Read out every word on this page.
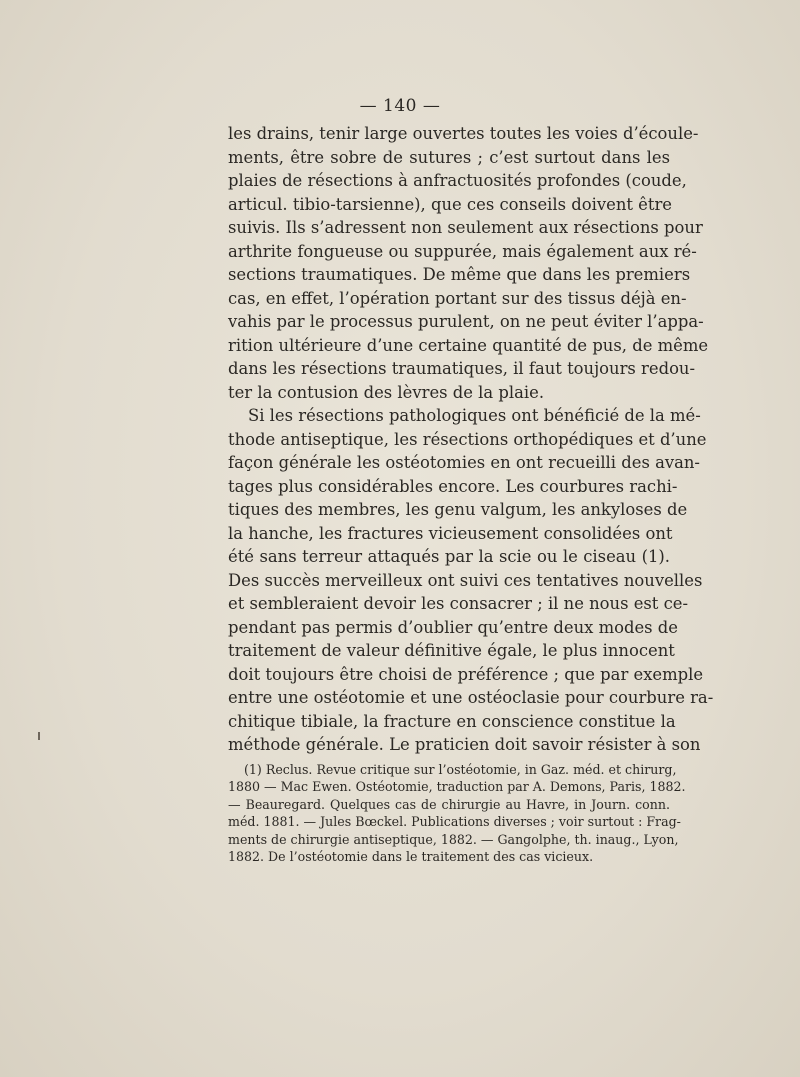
— 140 —
les drains, tenir large ouvertes toutes les voies d’écoule-
ments, être sobre de sutures ; c’est surtout dans les
plaies de résections à anfractuosités profondes (coude,
articul. tibio-tarsienne), que ces conseils doivent être
suivis. Ils s’adressent non seulement aux résections pour
arthrite fongueuse ou suppurée, mais également aux ré-
sections traumatiques. De même que dans les premiers
cas, en effet, l’opération portant sur des tissus déjà en-
vahis par le processus purulent, on ne peut éviter l’appa-
rition ultérieure d’une certaine quantité de pus, de même
dans les résections traumatiques, il faut toujours redou-
ter la contusion des lèvres de la plaie.
Si les résections pathologiques ont bénéficié de la mé-
thode antiseptique, les résections orthopédiques et d’une
façon générale les ostéotomies en ont recueilli des avan-
tages plus considérables encore. Les courbures rachi-
tiques des membres, les genu valgum, les ankyloses de
la hanche, les fractures vicieusement consolidées ont
été sans terreur attaqués par la scie ou le ciseau (1).
Des succès merveilleux ont suivi ces tentatives nouvelles
et sembleraient devoir les consacrer ; il ne nous est ce-
pendant pas permis d’oublier qu’entre deux modes de
traitement de valeur définitive égale, le plus innocent
doit toujours être choisi de préférence ; que par exemple
entre une ostéotomie et une ostéoclasie pour courbure ra-
chitique tibiale, la fracture en conscience constitue la
méthode générale. Le praticien doit savoir résister à son
(1) Reclus. Revue critique sur l’ostéotomie, in Gaz. méd. et chirurg,
1880 — Mac Ewen. Ostéotomie, traduction par A. Demons, Paris, 1882.
— Beauregard. Quelques cas de chirurgie au Havre, in Journ. conn.
méd. 1881. — Jules Bœckel. Publications diverses ; voir surtout : Frag-
ments de chirurgie antiseptique, 1882. — Gangolphe, th. inaug., Lyon,
1882. De l’ostéotomie dans le traitement des cas vicieux.
